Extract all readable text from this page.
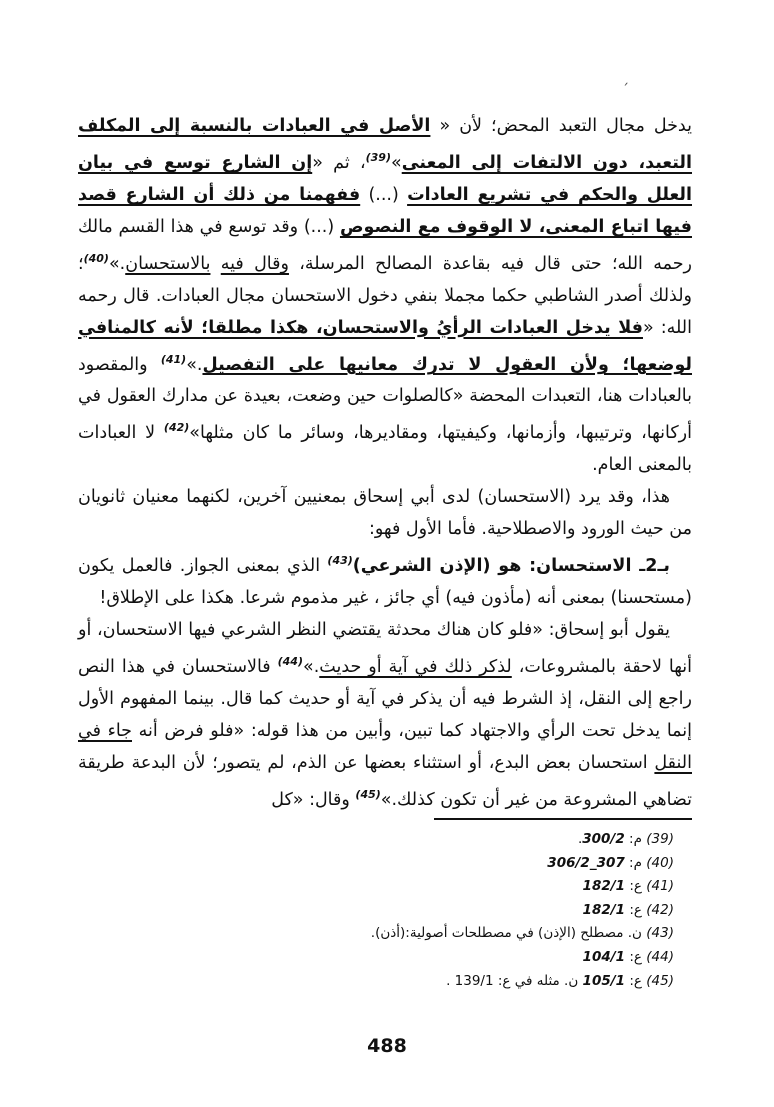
ˏ

يدخل مجال التعبد المحض؛ لأن « الأصل في العبادات بالنسبة إلى المكلف التعبد، دون الالتفات إلى المعنى»$^{(39)}$، ثم «إن الشارع توسع في بيان العلل والحكم في تشريع العادات (...) ففهمنا من ذلك أن الشارع قصد فيها اتباع المعنى، لا الوقوف مع النصوص (...) وقد توسع في هذا القسم مالك رحمه الله؛ حتى قال فيه بقاعدة المصالح المرسلة، وقال فيه بالاستحسان.»$^{(40)}$؛ ولذلك أصدر الشاطبي حكما مجملا بنفي دخول الاستحسان مجال العبادات. قال رحمه الله: «فلا يدخل العبادات الرأيُ والاستحسان، هكذا مطلقا؛ لأنه كالمنافي لوضعها؛ ولأن العقول لا تدرك معانيها على التفصيل.»$^{(41)}$ والمقصود بالعبادات هنا، التعبدات المحضة «كالصلوات حين وضعت، بعيدة عن مدارك العقول في أركانها، وترتيبها، وأزمانها، وكيفيتها، ومقاديرها، وسائر ما كان مثلها»$^{(42)}$ لا العبادات بالمعنى العام.

هذا، وقد يرد (الاستحسان) لدى أبي إسحاق بمعنيين آخرين، لكنهما معنيان ثانويان من حيث الورود والاصطلاحية. فأما الأول فهو:

بـ2ـ الاستحسان: هو (الإذن الشرعي)$^{(43)}$ الذي بمعنى الجواز. فالعمل يكون (مستحسنا) بمعنى أنه (مأذون فيه) أي جائز ، غير مذموم شرعا. هكذا على الإطلاق!

يقول أبو إسحاق: «فلو كان هناك محدثة يقتضي النظر الشرعي فيها الاستحسان، أو أنها لاحقة بالمشروعات، لذكر ذلك في آية أو حديث.»$^{(44)}$ فالاستحسان في هذا النص راجع إلى النقل، إذ الشرط فيه أن يذكر في آية أو حديث كما قال. بينما المفهوم الأول إنما يدخل تحت الرأي والاجتهاد كما تبين، وأبين من هذا قوله: «فلو فرض أنه جاء في النقل استحسان بعض البدع، أو استثناء بعضها عن الذم، لم يتصور؛ لأن البدعة طريقة تضاهي المشروعة من غير أن تكون كذلك.»$^{(45)}$ وقال: «كل

(39) م: 300/2.
(40) م: 307_306/2
(41) ع: 182/1
(42) ع: 182/1
(43) ن. مصطلح (الإذن) في مصطلحات أصولية:(أذن).
(44) ع: 104/1
(45) ع: 105/1 ن. مثله في ع: 139/1 .
488
